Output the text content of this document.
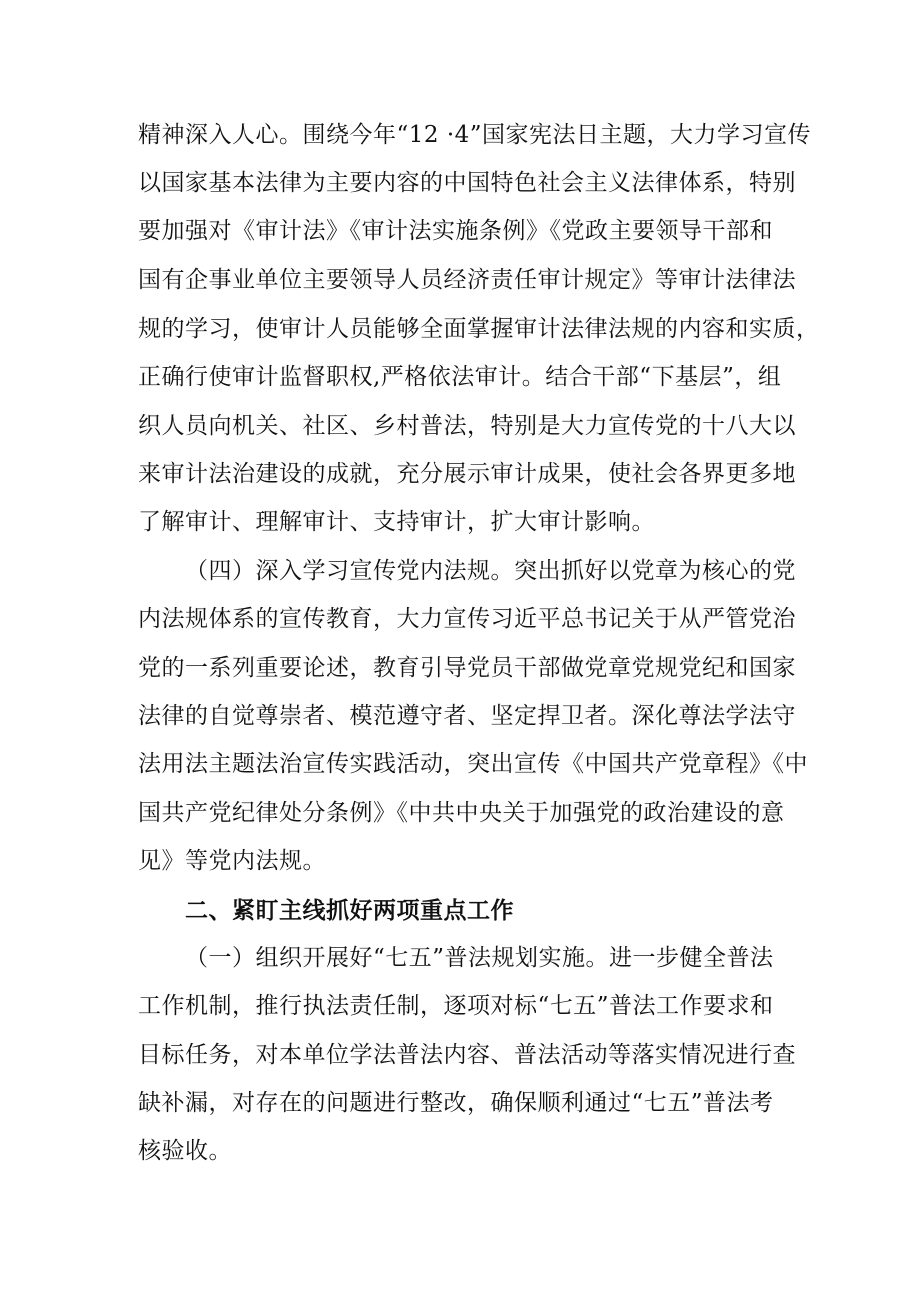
精神深入人心。围绕今年“12 ·4”国家宪法日主题，大力学习宣传
以国家基本法律为主要内容的中国特色社会主义法律体系，特别
要加强对《审计法》《审计法实施条例》《党政主要领导干部和
国有企事业单位主要领导人员经济责任审计规定》等审计法律法
规的学习，使审计人员能够全面掌握审计法律法规的内容和实质，
正确行使审计监督职权,严格依法审计。结合干部“下基层”，组
织人员向机关、社区、乡村普法，特别是大力宣传党的十八大以
来审计法治建设的成就，充分展示审计成果，使社会各界更多地
了解审计、理解审计、支持审计，扩大审计影响。
（四）深入学习宣传党内法规。突出抓好以党章为核心的党
内法规体系的宣传教育，大力宣传习近平总书记关于从严管党治
党的一系列重要论述，教育引导党员干部做党章党规党纪和国家
法律的自觉尊崇者、模范遵守者、坚定捍卫者。深化尊法学法守
法用法主题法治宣传实践活动，突出宣传《中国共产党章程》《中
国共产党纪律处分条例》《中共中央关于加强党的政治建设的意
见》等党内法规。
二、紧盯主线抓好两项重点工作
（一）组织开展好“七五”普法规划实施。进一步健全普法
工作机制，推行执法责任制，逐项对标“七五”普法工作要求和
目标任务，对本单位学法普法内容、普法活动等落实情况进行查
缺补漏，对存在的问题进行整改，确保顺利通过“七五”普法考
核验收。
